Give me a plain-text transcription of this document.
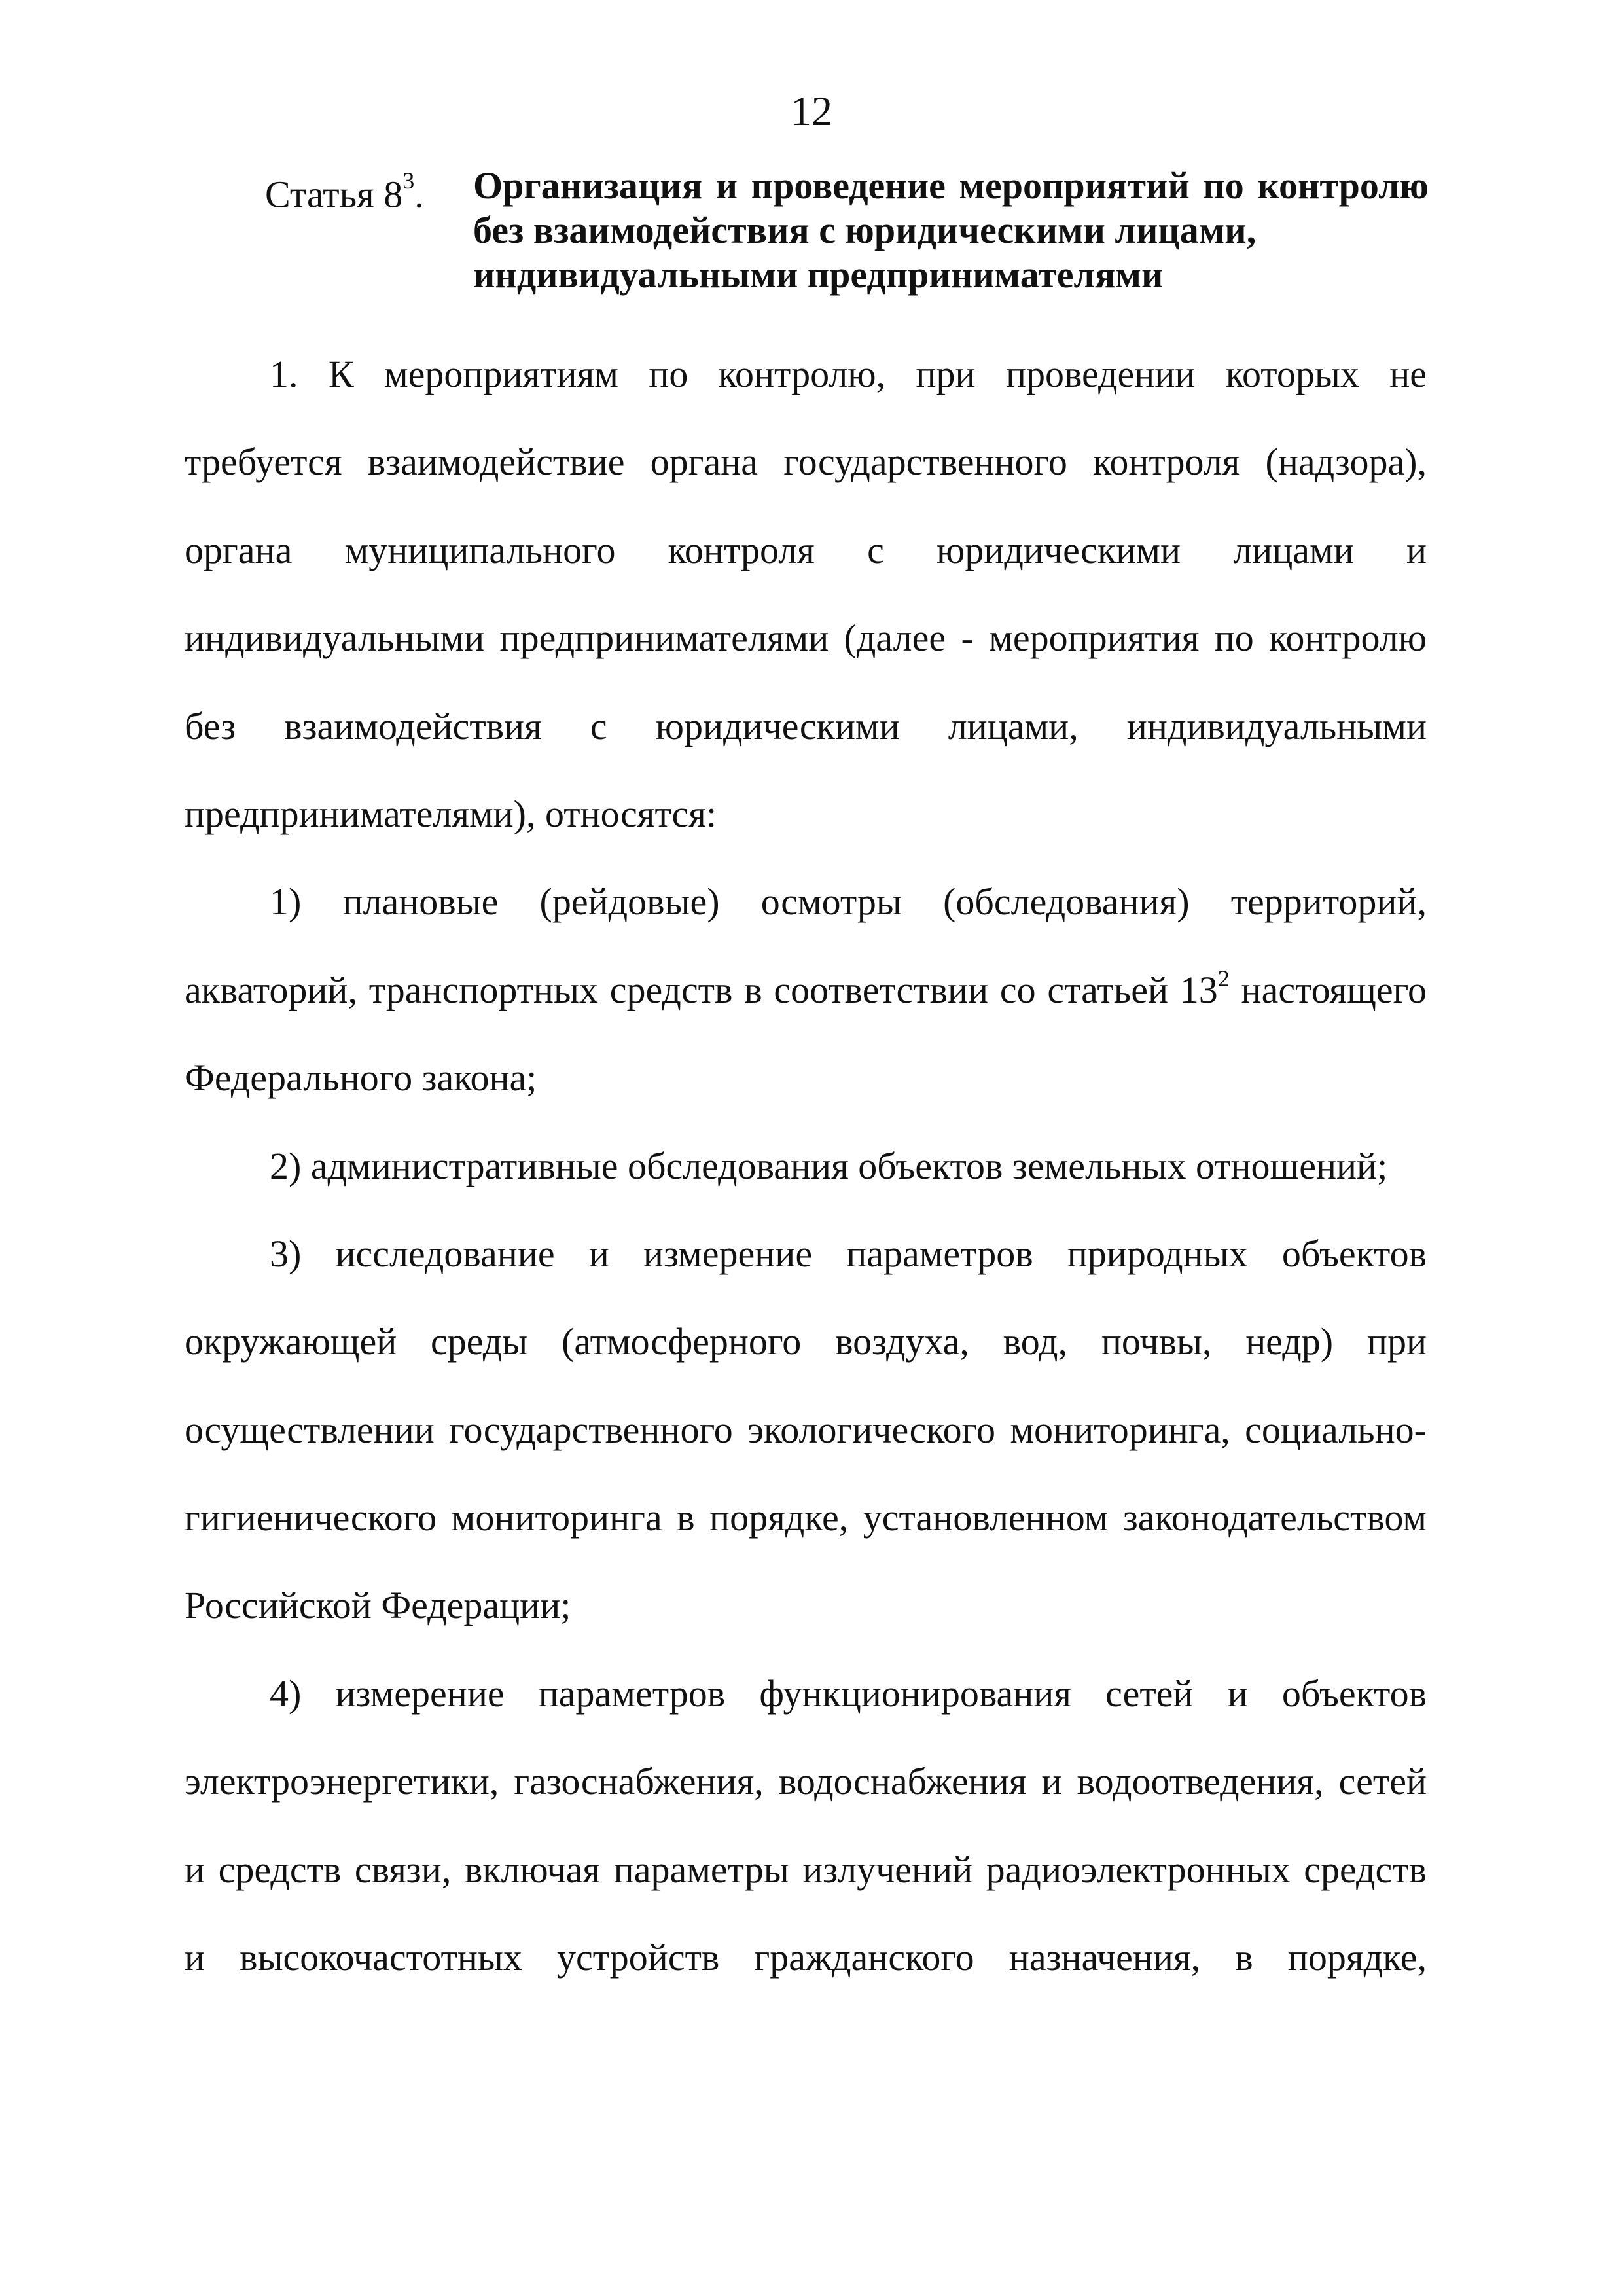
12
Статья $8^3$. Организация и проведение мероприятий по контролю
без взаимодействия с юридическими лицами,
индивидуальными предпринимателями
1. К мероприятиям по контролю, при проведении которых не
требуется взаимодействие органа государственного контроля (надзора),
органа муниципального контроля с юридическими лицами и
индивидуальными предпринимателями (далее - мероприятия по контролю
без взаимодействия с юридическими лицами, индивидуальными
предпринимателями), относятся:
1) плановые (рейдовые) осмотры (обследования) территорий,
акваторий, транспортных средств в соответствии со статьей $13^2$ настоящего
Федерального закона;
2) административные обследования объектов земельных отношений;
3) исследование и измерение параметров природных объектов
окружающей среды (атмосферного воздуха, вод, почвы, недр) при
осуществлении государственного экологического мониторинга, социально-
гигиенического мониторинга в порядке, установленном законодательством
Российской Федерации;
4) измерение параметров функционирования сетей и объектов
электроэнергетики, газоснабжения, водоснабжения и водоотведения, сетей
и средств связи, включая параметры излучений радиоэлектронных средств
и высокочастотных устройств гражданского назначения, в порядке,
